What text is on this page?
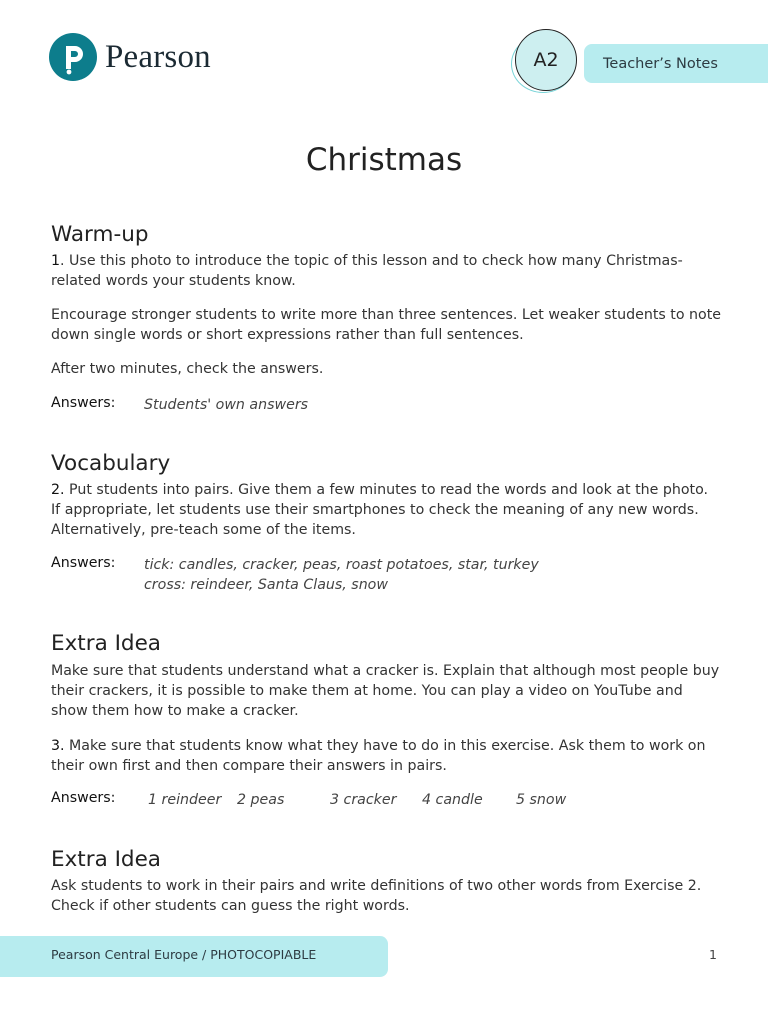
Pearson	A2	Teacher’s Notes
Christmas
Warm-up

1. Use this photo to introduce the topic of this lesson and to check how many Christmas-related words your students know.

Encourage stronger students to write more than three sentences. Let weaker students to note down single words or short expressions rather than full sentences.

After two minutes, check the answers.

Answers: Students' own answers
Vocabulary

2. Put students into pairs. Give them a few minutes to read the words and look at the photo. If appropriate, let students use their smartphones to check the meaning of any new words. Alternatively, pre-teach some of the items.

Answers: tick: candles, cracker, peas, roast potatoes, star, turkey
cross: reindeer, Santa Claus, snow
Extra Idea

Make sure that students understand what a cracker is. Explain that although most people buy their crackers, it is possible to make them at home. You can play a video on YouTube and show them how to make a cracker.

3. Make sure that students know what they have to do in this exercise. Ask them to work on their own first and then compare their answers in pairs.

Answers: 1 reindeer 2 peas	3 cracker 4 candle 5 snow
Extra Idea

Ask students to work in their pairs and write definitions of two other words from Exercise 2. Check if other students can guess the right words.

Pearson Central Europe / PHOTOCOPIABLE	1
